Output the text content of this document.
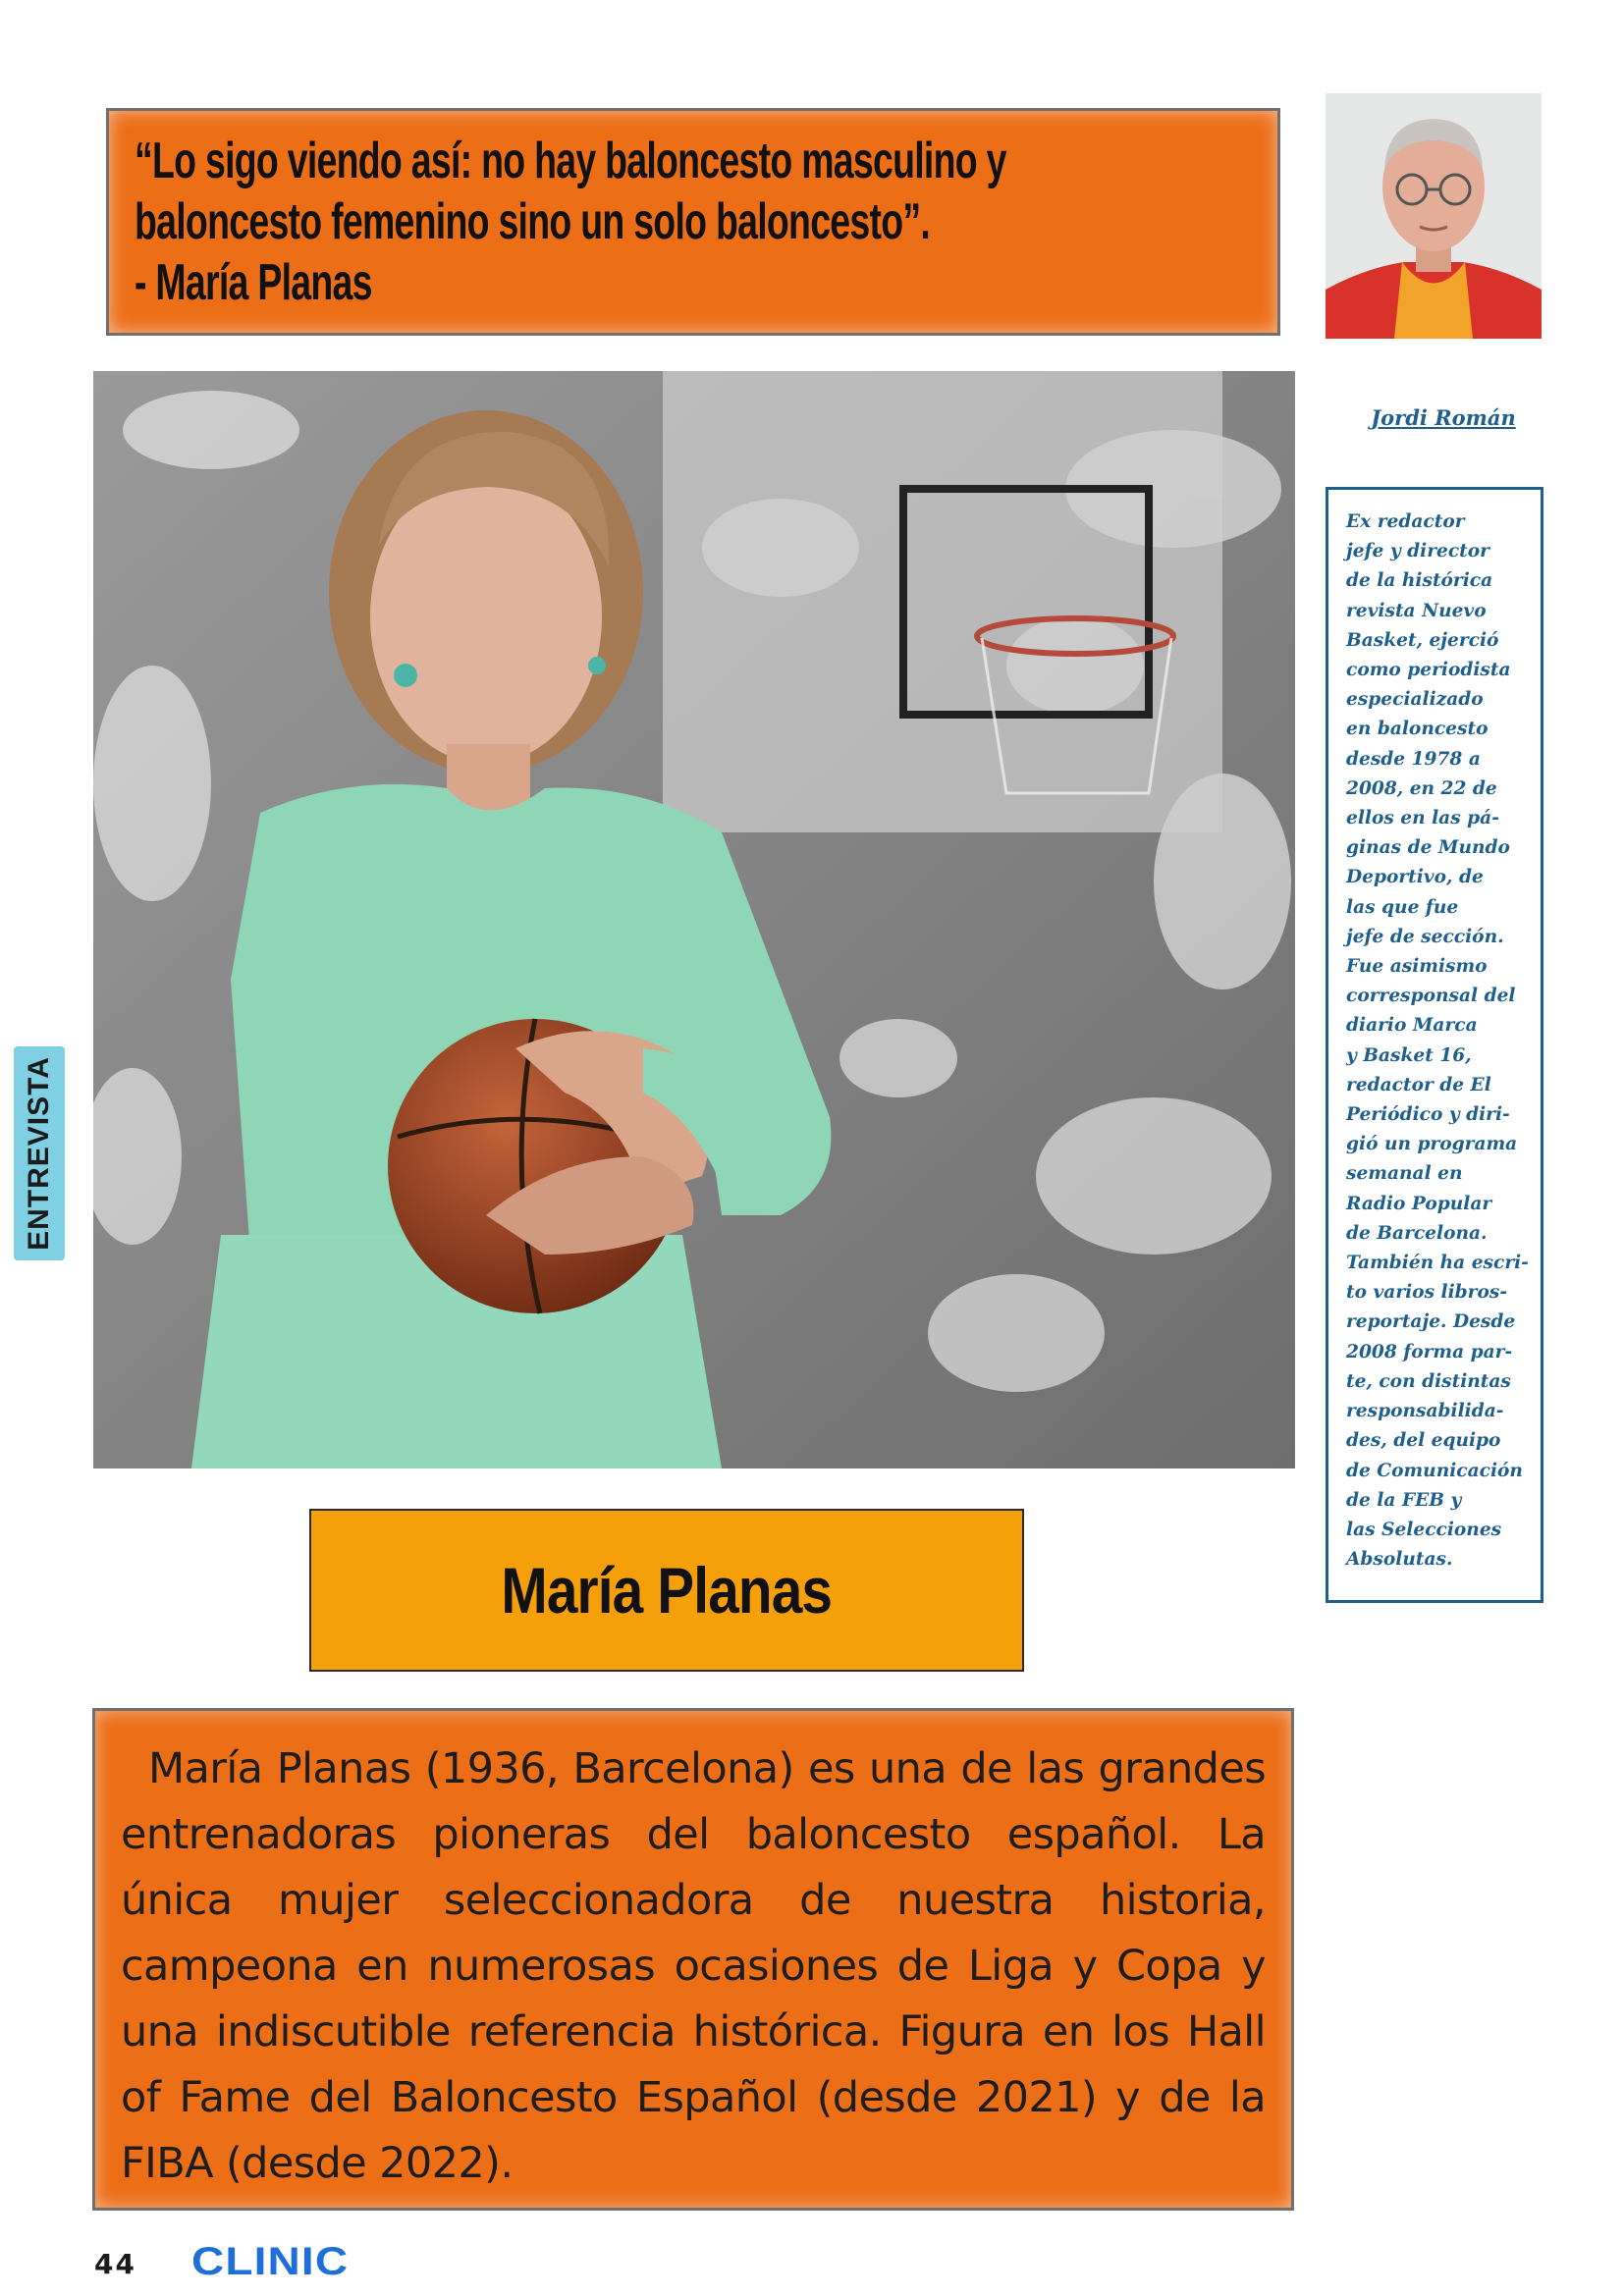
“Lo sigo viendo así: no hay baloncesto masculino y
baloncesto femenino sino un solo baloncesto”.
- María Planas
Jordi Román

Ex redactor
jefe y director
de la histórica
revista Nuevo
Basket, ejerció
como periodista
especializado
en baloncesto
desde 1978 a
2008, en 22 de
ellos en las pá-
ginas de Mundo
Deportivo, de
las que fue
jefe de sección.
Fue asimismo
corresponsal del
diario Marca
y Basket 16,
redactor de El
Periódico y diri-
gió un programa
semanal en
Radio Popular
de Barcelona.
También ha escri-
to varios libros-
reportaje. Desde
2008 forma par-
te, con distintas
responsabilida-
des, del equipo
de Comunicación
de la FEB y
las Selecciones
Absolutas.

ENTREVISTA
María Planas

María Planas (1936, Barcelona) es una de las grandes entrenadoras pioneras del baloncesto español. La única mujer seleccionadora de nuestra historia, campeona en numerosas ocasiones de Liga y Copa y una indiscutible referencia histórica. Figura en los Hall of Fame del Baloncesto Español (desde 2021) y de la FIBA (desde 2022).

44 CLINIC
